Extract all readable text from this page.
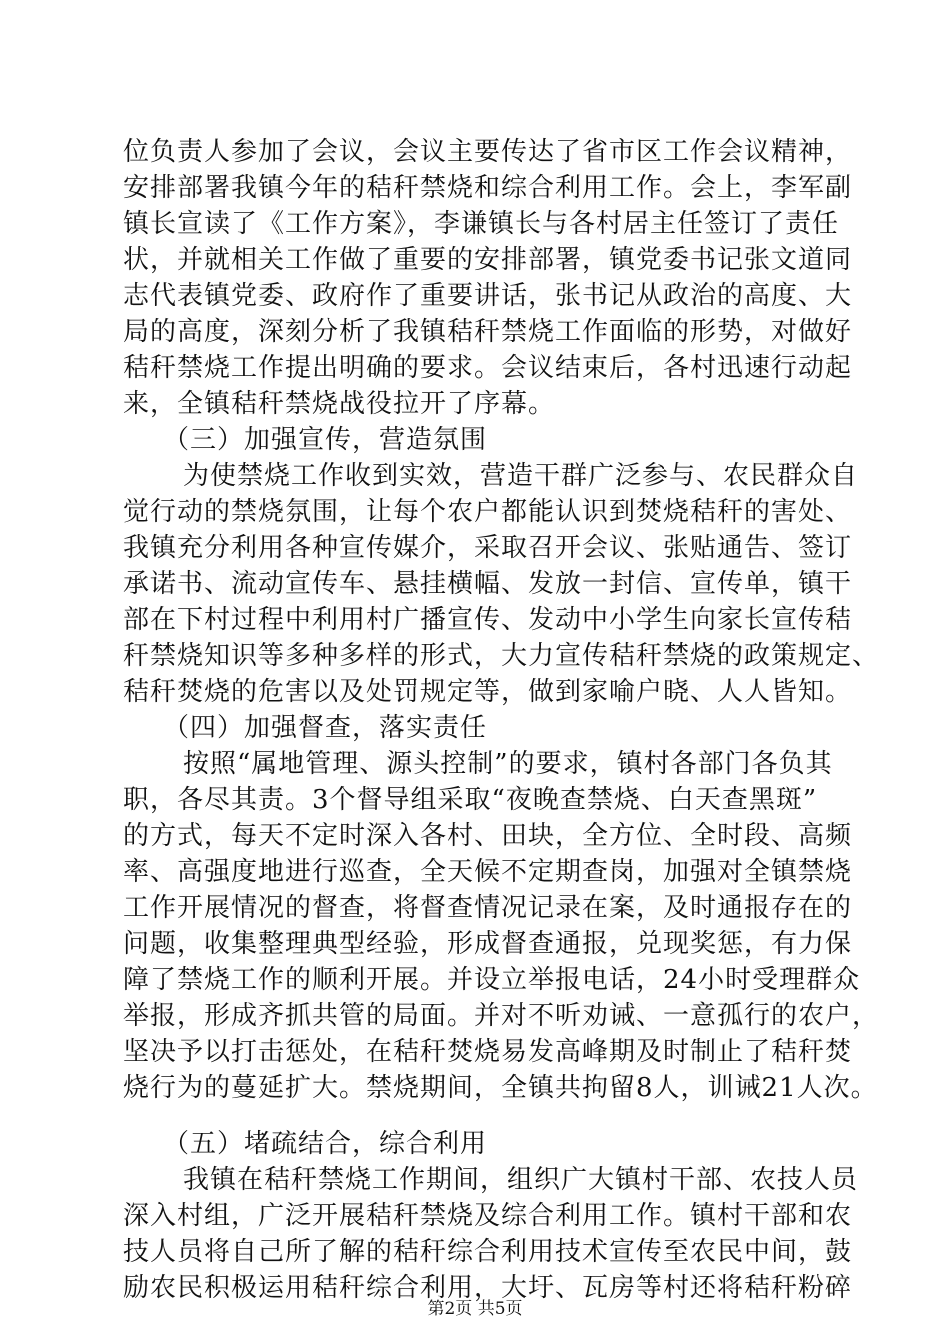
位负责人参加了会议，会议主要传达了省市区工作会议精神，
安排部署我镇今年的秸秆禁烧和综合利用工作。会上，李军副
镇长宣读了《工作方案》，李谦镇长与各村居主任签订了责任
状，并就相关工作做了重要的安排部署，镇党委书记张文道同
志代表镇党委、政府作了重要讲话，张书记从政治的高度、大
局的高度，深刻分析了我镇秸秆禁烧工作面临的形势，对做好
秸秆禁烧工作提出明确的要求。会议结束后，各村迅速行动起
来，全镇秸秆禁烧战役拉开了序幕。
（三）加强宣传，营造氛围
为使禁烧工作收到实效，营造干群广泛参与、农民群众自
觉行动的禁烧氛围，让每个农户都能认识到焚烧秸秆的害处、
我镇充分利用各种宣传媒介，采取召开会议、张贴通告、签订
承诺书、流动宣传车、悬挂横幅、发放一封信、宣传单，镇干
部在下村过程中利用村广播宣传、发动中小学生向家长宣传秸
秆禁烧知识等多种多样的形式，大力宣传秸秆禁烧的政策规定、
秸秆焚烧的危害以及处罚规定等，做到家喻户晓、人人皆知。
（四）加强督查，落实责任
按照“属地管理、源头控制”的要求，镇村各部门各负其
职，各尽其责。3个督导组采取“夜晚查禁烧、白天查黑斑”
的方式，每天不定时深入各村、田块，全方位、全时段、高频
率、高强度地进行巡查，全天候不定期查岗，加强对全镇禁烧
工作开展情况的督查，将督查情况记录在案，及时通报存在的
问题，收集整理典型经验，形成督查通报，兑现奖惩，有力保
障了禁烧工作的顺利开展。并设立举报电话，24小时受理群众
举报，形成齐抓共管的局面。并对不听劝诫、一意孤行的农户，
坚决予以打击惩处，在秸秆焚烧易发高峰期及时制止了秸秆焚
烧行为的蔓延扩大。禁烧期间，全镇共拘留8人，训诫21人次。
（五）堵疏结合，综合利用
我镇在秸秆禁烧工作期间，组织广大镇村干部、农技人员
深入村组，广泛开展秸秆禁烧及综合利用工作。镇村干部和农
技人员将自己所了解的秸秆综合利用技术宣传至农民中间，鼓
励农民积极运用秸秆综合利用，大圩、瓦房等村还将秸秆粉碎
第2页 共5页
